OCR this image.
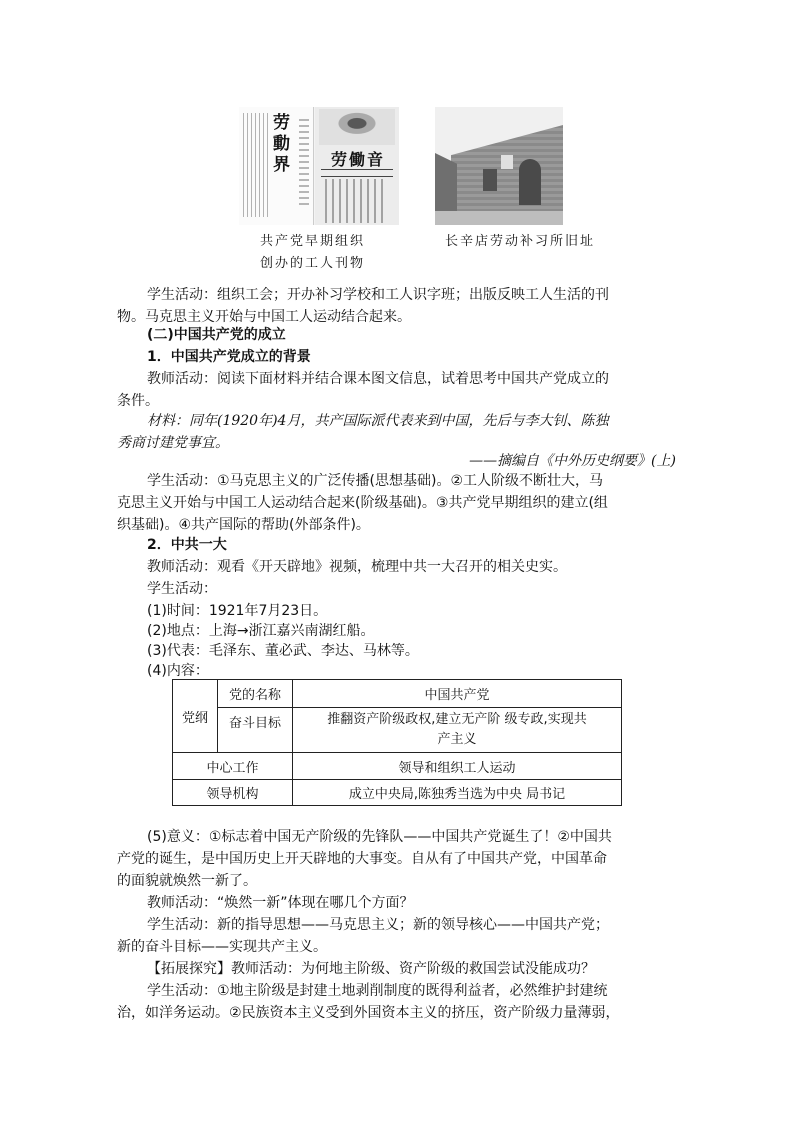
劳動界	劳働音
共产党早期组织
创办的工人刊物
长辛店劳动补习所旧址
学生活动：组织工会；开办补习学校和工人识字班；出版反映工人生活的刊
物。马克思主义开始与中国工人运动结合起来。
(二)中国共产党的成立
1．中国共产党成立的背景
教师活动：阅读下面材料并结合课本图文信息，试着思考中国共产党成立的
条件。
材料：同年(1920年)4月，共产国际派代表来到中国，先后与李大钊、陈独
秀商讨建党事宜。
——摘编自《中外历史纲要》(上)
学生活动：①马克思主义的广泛传播(思想基础)。②工人阶级不断壮大，马
克思主义开始与中国工人运动结合起来(阶级基础)。③共产党早期组织的建立(组
织基础)。④共产国际的帮助(外部条件)。
2．中共一大
教师活动：观看《开天辟地》视频，梳理中共一大召开的相关史实。
学生活动：
(1)时间：1921年7月23日。
(2)地点：上海→浙江嘉兴南湖红船。
(3)代表：毛泽东、董必武、李达、马林等。
(4)内容：
党纲	党的名称	中国共产党
	奋斗目标	推翻资产阶级政权,建立无产阶 级专政,实现共产主义
中心工作		领导和组织工人运动
领导机构		成立中央局,陈独秀当选为中央 局书记
(5)意义：①标志着中国无产阶级的先锋队——中国共产党诞生了！②中国共
产党的诞生，是中国历史上开天辟地的大事变。自从有了中国共产党，中国革命
的面貌就焕然一新了。
教师活动：“焕然一新”体现在哪几个方面？
学生活动：新的指导思想——马克思主义；新的领导核心——中国共产党；
新的奋斗目标——实现共产主义。
【拓展探究】教师活动：为何地主阶级、资产阶级的救国尝试没能成功？
学生活动：①地主阶级是封建土地剥削制度的既得利益者，必然维护封建统
治，如洋务运动。②民族资本主义受到外国资本主义的挤压，资产阶级力量薄弱，
